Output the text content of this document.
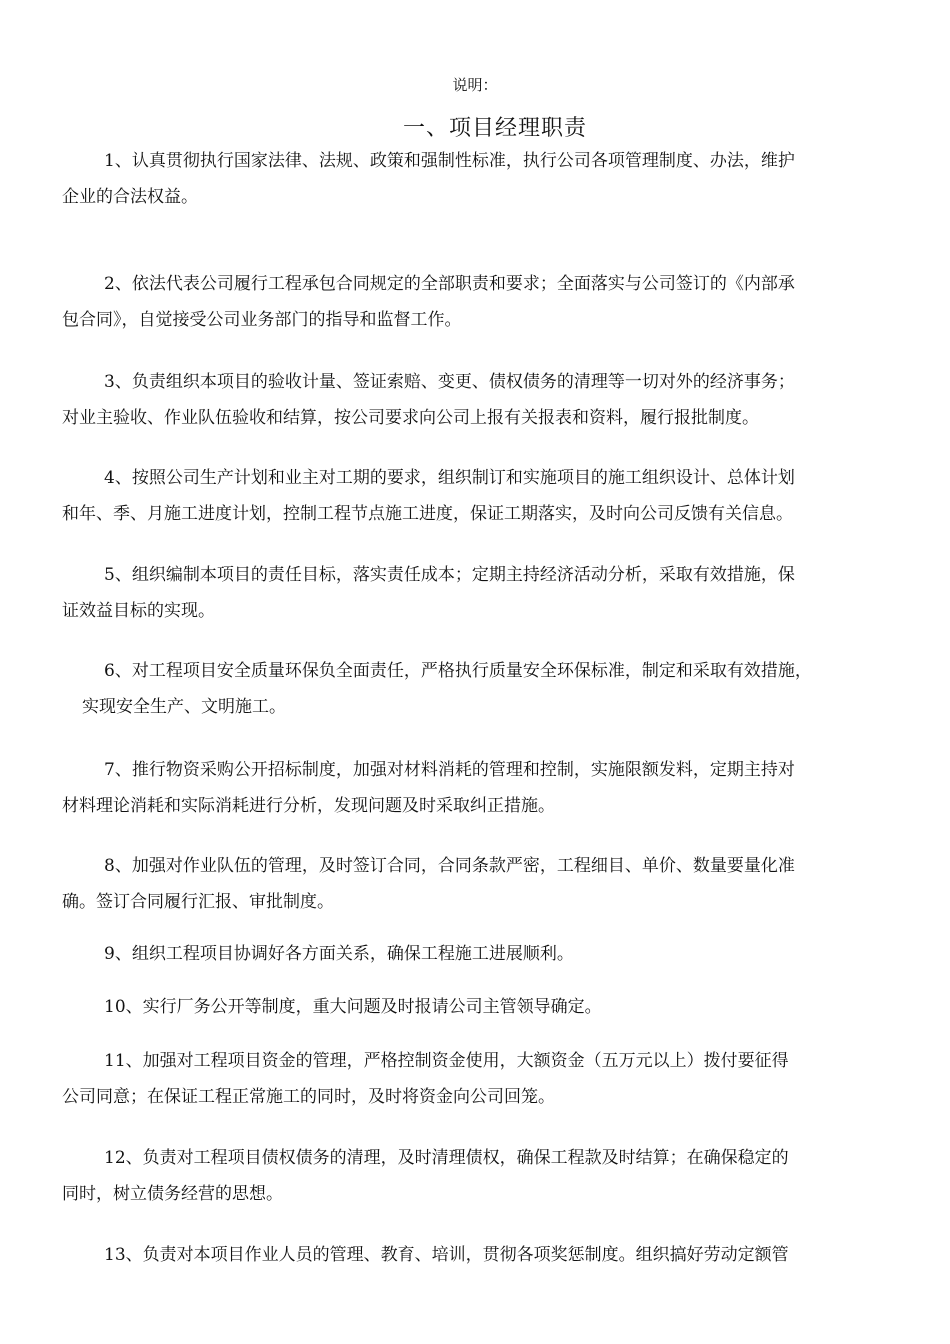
说明：
一、项目经理职责

1、认真贯彻执行国家法律、法规、政策和强制性标准，执行公司各项管理制度、办法，维护
企业的合法权益。

2、依法代表公司履行工程承包合同规定的全部职责和要求；全面落实与公司签订的《内部承
包合同》，自觉接受公司业务部门的指导和监督工作。

3、负责组织本项目的验收计量、签证索赔、变更、债权债务的清理等一切对外的经济事务；
对业主验收、作业队伍验收和结算，按公司要求向公司上报有关报表和资料，履行报批制度。

4、按照公司生产计划和业主对工期的要求，组织制订和实施项目的施工组织设计、总体计划
和年、季、月施工进度计划，控制工程节点施工进度，保证工期落实，及时向公司反馈有关信息。

5、组织编制本项目的责任目标，落实责任成本；定期主持经济活动分析，采取有效措施，保
证效益目标的实现。

6、对工程项目安全质量环保负全面责任，严格执行质量安全环保标准，制定和采取有效措施，
实现安全生产、文明施工。

7、推行物资采购公开招标制度，加强对材料消耗的管理和控制，实施限额发料，定期主持对
材料理论消耗和实际消耗进行分析，发现问题及时采取纠正措施。

8、加强对作业队伍的管理，及时签订合同，合同条款严密，工程细目、单价、数量要量化准
确。签订合同履行汇报、审批制度。

9、组织工程项目协调好各方面关系，确保工程施工进展顺利。

10、实行厂务公开等制度，重大问题及时报请公司主管领导确定。

11、加强对工程项目资金的管理，严格控制资金使用，大额资金（五万元以上）拨付要征得
公司同意；在保证工程正常施工的同时，及时将资金向公司回笼。

12、负责对工程项目债权债务的清理，及时清理债权，确保工程款及时结算；在确保稳定的
同时，树立债务经营的思想。

13、负责对本项目作业人员的管理、教育、培训，贯彻各项奖惩制度。组织搞好劳动定额管
